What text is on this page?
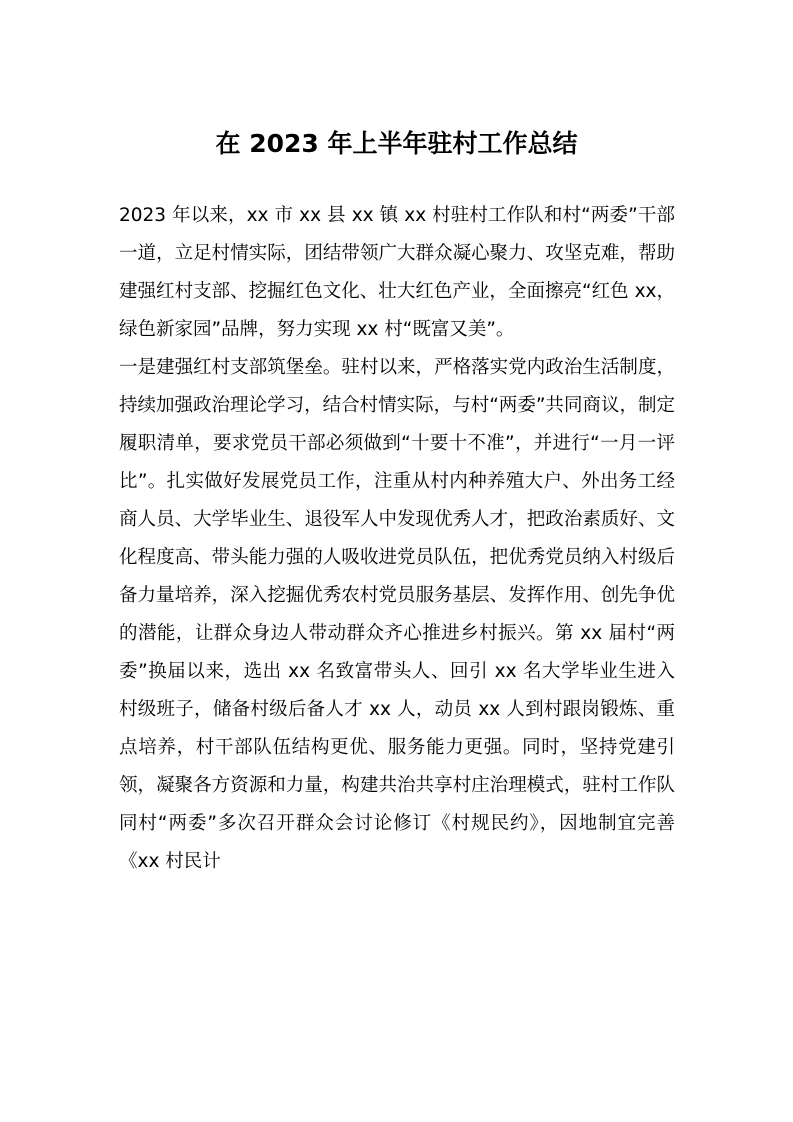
在 2023 年上半年驻村工作总结

2023 年以来，xx 市 xx 县 xx 镇 xx 村驻村工作队和村“两委”干部一道，立足村情实际，团结带领广大群众凝心聚力、攻坚克难，帮助建强红村支部、挖掘红色文化、壮大红色产业，全面擦亮“红色 xx，绿色新家园”品牌，努力实现 xx 村“既富又美”。

一是建强红村支部筑堡垒。驻村以来，严格落实党内政治生活制度，持续加强政治理论学习，结合村情实际，与村“两委”共同商议，制定履职清单，要求党员干部必须做到“十要十不准”，并进行“一月一评比”。扎实做好发展党员工作，注重从村内种养殖大户、外出务工经商人员、大学毕业生、退役军人中发现优秀人才，把政治素质好、文化程度高、带头能力强的人吸收进党员队伍，把优秀党员纳入村级后备力量培养，深入挖掘优秀农村党员服务基层、发挥作用、创先争优的潜能，让群众身边人带动群众齐心推进乡村振兴。第 xx 届村“两委”换届以来，选出 xx 名致富带头人、回引 xx 名大学毕业生进入村级班子，储备村级后备人才 xx 人，动员 xx 人到村跟岗锻炼、重点培养，村干部队伍结构更优、服务能力更强。同时，坚持党建引领，凝聚各方资源和力量，构建共治共享村庄治理模式，驻村工作队同村“两委”多次召开群众会讨论修订《村规民约》，因地制宜完善《xx 村民计
